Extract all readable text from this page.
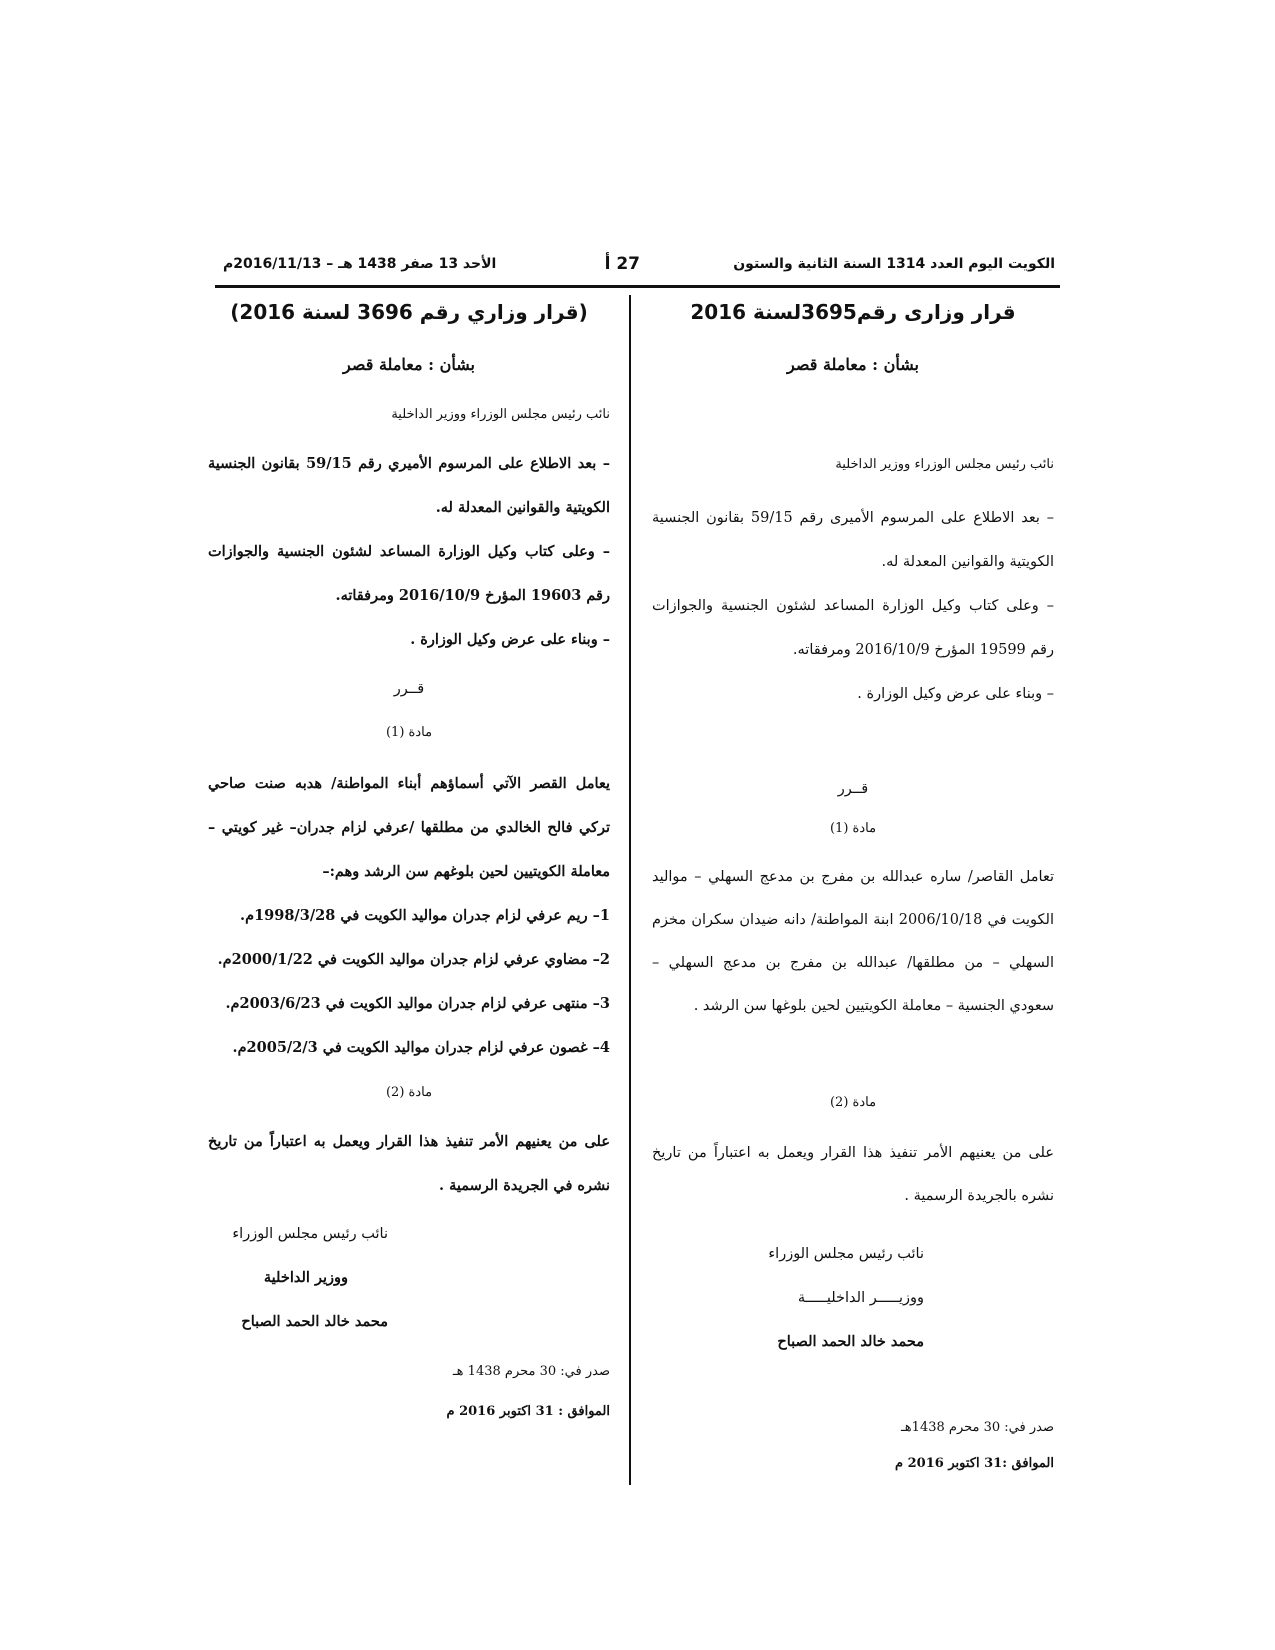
الكويت اليوم العدد 1314 السنة الثانية والستون
27 أ
الأحد 13 صفر 1438 هـ – 2016/11/13م

قرار وزارى رقم3695لسنة 2016

بشأن : معاملة قصر

نائب رئيس مجلس الوزراء ووزير الداخلية

– بعد الاطلاع على المرسوم الأميرى رقم 59/15 بقانون الجنسية الكويتية والقوانين المعدلة له.

– وعلى كتاب وكيل الوزارة المساعد لشئون الجنسية والجوازات رقم 19599 المؤرخ 2016/10/9 ومرفقاته.

– وبناء على عرض وكيل الوزارة .

قــرر

مادة (1)

تعامل القاصر/ ساره عبدالله بن مفرج بن مدعج السهلي – مواليد الكويت في 2006/10/18 ابنة المواطنة/ دانه ضيدان سكران مخزم السهلي – من مطلقها/ عبدالله بن مفرج بن مدعج السهلي – سعودي الجنسية – معاملة الكويتيين لحين بلوغها سن الرشد .

مادة (2)

على من يعنيهم الأمر تنفيذ هذا القرار ويعمل به اعتباراً من تاريخ نشره بالجريدة الرسمية .

نائب رئيس مجلس الوزراء

ووزيـــــر الداخليـــــة

محمد خالد الحمد الصباح

صدر في: 30 محرم 1438هـ

الموافق :31 اكتوبر 2016 م

(قرار وزاري رقم 3696 لسنة 2016)

بشأن : معاملة قصر

نائب رئيس مجلس الوزراء ووزير الداخلية

– بعد الاطلاع على المرسوم الأميري رقم 59/15 بقانون الجنسية الكويتية والقوانين المعدلة له.

– وعلى كتاب وكيل الوزارة المساعد لشئون الجنسية والجوازات رقم 19603 المؤرخ 2016/10/9 ومرفقاته.

– وبناء على عرض وكيل الوزارة .

قــرر

مادة (1)

يعامل القصر الآتي أسماؤهم أبناء المواطنة/ هدبه صنت صاحي تركي فالح الخالدي من مطلقها /عرفي لزام جدران– غير كويتي – معاملة الكويتيين لحين بلوغهم سن الرشد وهم:–

1– ريم عرفي لزام جدران مواليد الكويت في 1998/3/28م.

2– مضاوي عرفي لزام جدران مواليد الكويت في 2000/1/22م.

3– منتهى عرفي لزام جدران مواليد الكويت في 2003/6/23م.

4– غصون عرفي لزام جدران مواليد الكويت في 2005/2/3م.

مادة (2)

على من يعنيهم الأمر تنفيذ هذا القرار ويعمل به اعتباراً من تاريخ نشره في الجريدة الرسمية .

نائب رئيس مجلس الوزراء

ووزير الداخلية

محمد خالد الحمد الصباح

صدر في: 30 محرم 1438 هـ

الموافق : 31 اكتوبر 2016 م
